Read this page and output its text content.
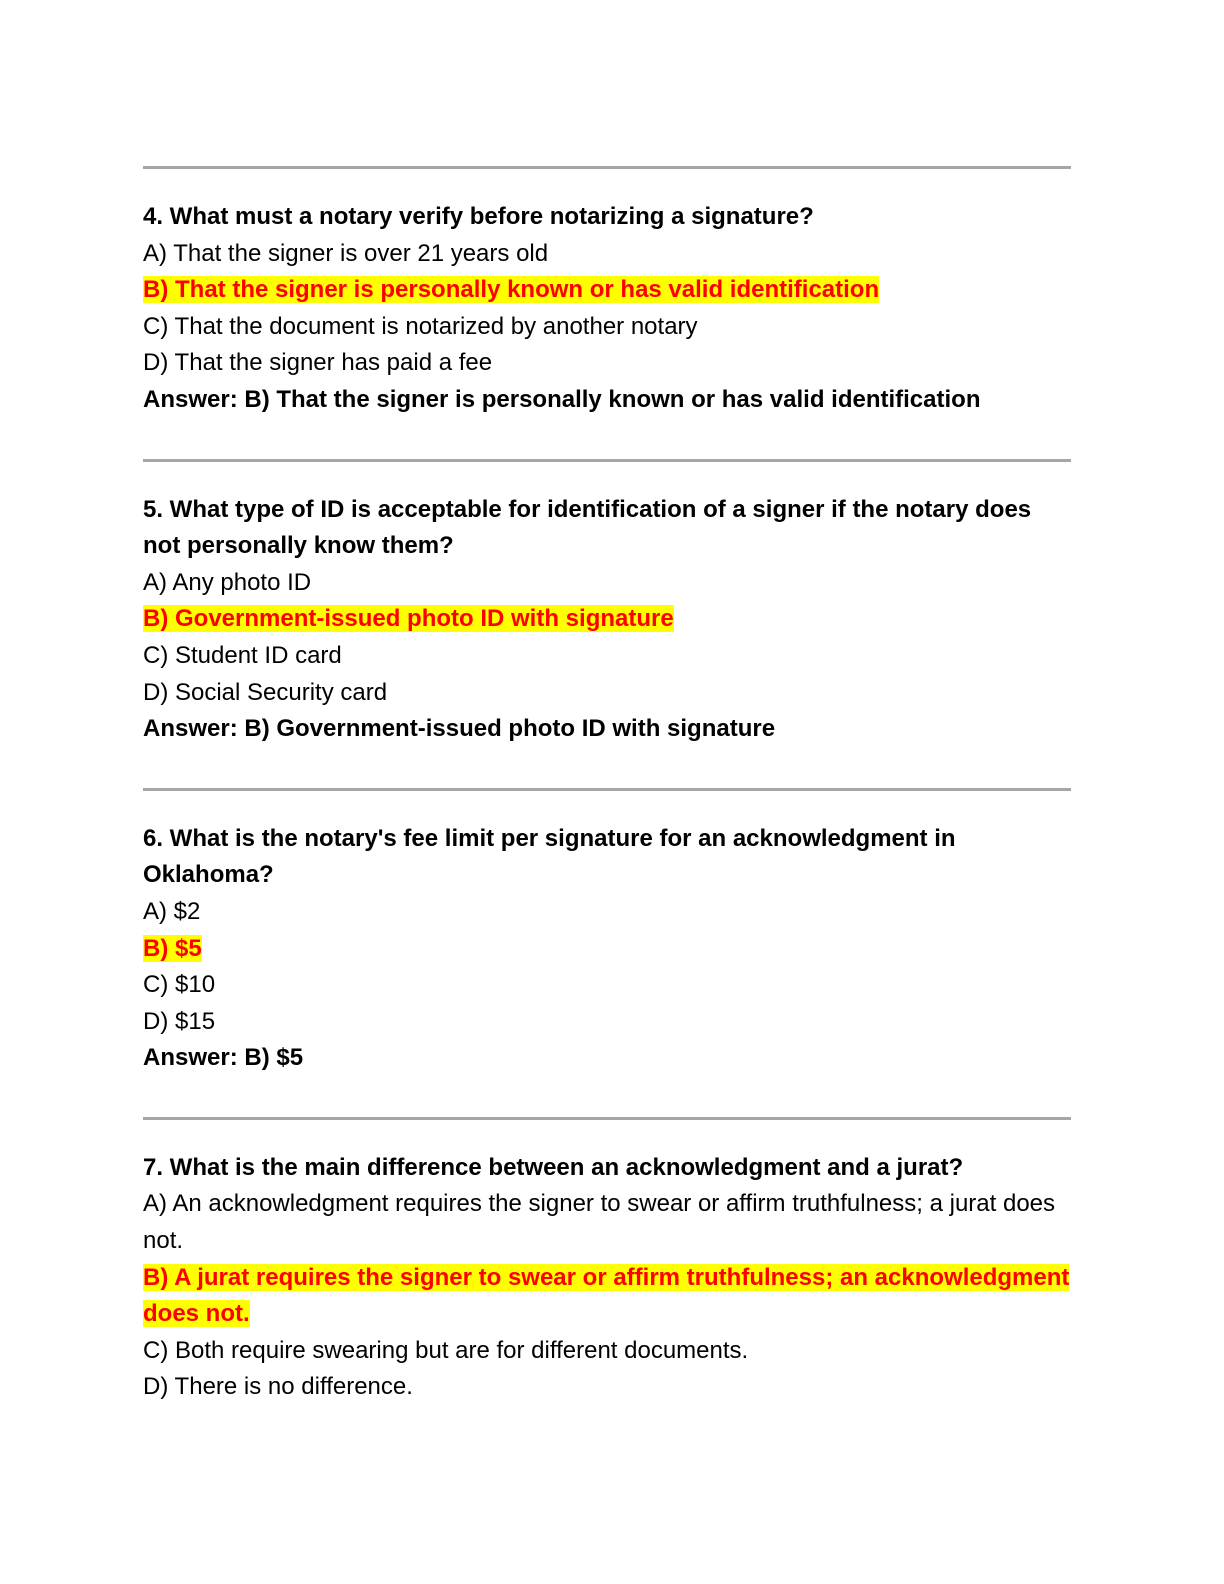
4. What must a notary verify before notarizing a signature?
A) That the signer is over 21 years old
B) That the signer is personally known or has valid identification
C) That the document is notarized by another notary
D) That the signer has paid a fee
Answer: B) That the signer is personally known or has valid identification
5. What type of ID is acceptable for identification of a signer if the notary does not personally know them?
A) Any photo ID
B) Government-issued photo ID with signature
C) Student ID card
D) Social Security card
Answer: B) Government-issued photo ID with signature
6. What is the notary's fee limit per signature for an acknowledgment in Oklahoma?
A) $2
B) $5
C) $10
D) $15
Answer: B) $5
7. What is the main difference between an acknowledgment and a jurat?
A) An acknowledgment requires the signer to swear or affirm truthfulness; a jurat does not.
B) A jurat requires the signer to swear or affirm truthfulness; an acknowledgment does not.
C) Both require swearing but are for different documents.
D) There is no difference.
